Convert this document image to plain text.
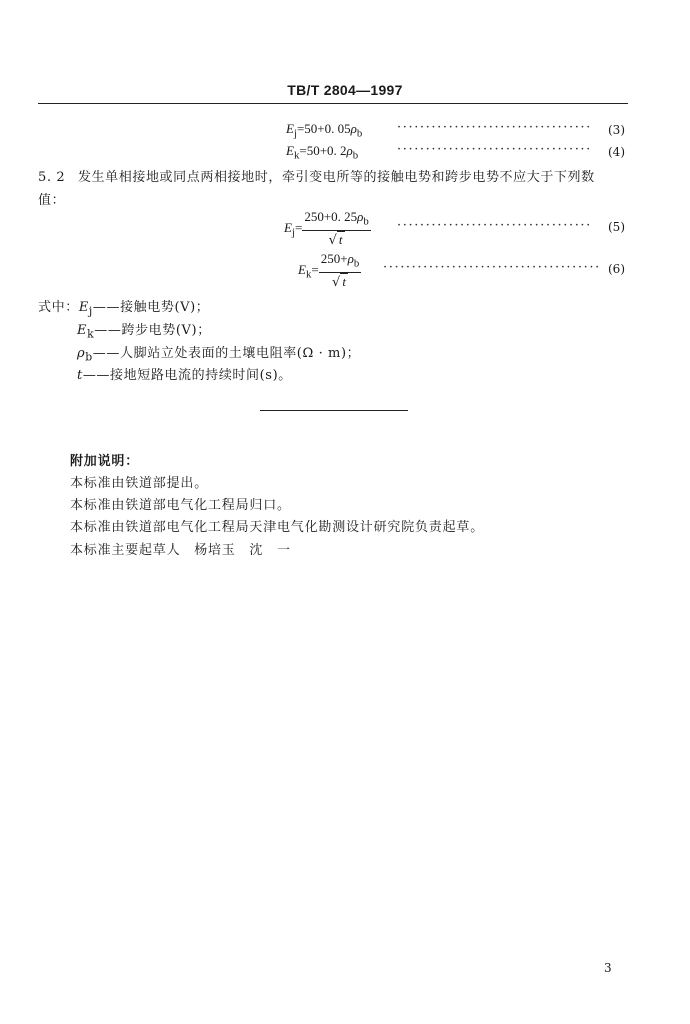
TB/T 2804—1997
$E_j=50+0$. $05\rho_b$	·································· (3)
$E_k=50+0$. $2\rho_b$	·································· (4)
5. 2 发生单相接地或同点两相接地时，牵引变电所等的接触电势和跨步电势不应大于下列数
值：
$E_j= \frac{250+0. 25\rho_b}{√ t}$ ·································· (5)
$E_k= \frac{250+\rho_b}{√ t}$ ······································ (6)
式中：$E_j——$接触电势(V)；
$E_k——$跨步电势(V)；
$\rho_b——$人脚站立处表面的土壤电阻率(Ω · m)；
t——接地短路电流的持续时间(s)。
附加说明：
本标准由铁道部提出。
本标准由铁道部电气化工程局归口。
本标准由铁道部电气化工程局天津电气化勘测设计研究院负责起草。
本标准主要起草人　杨培玉　沈　一
3
